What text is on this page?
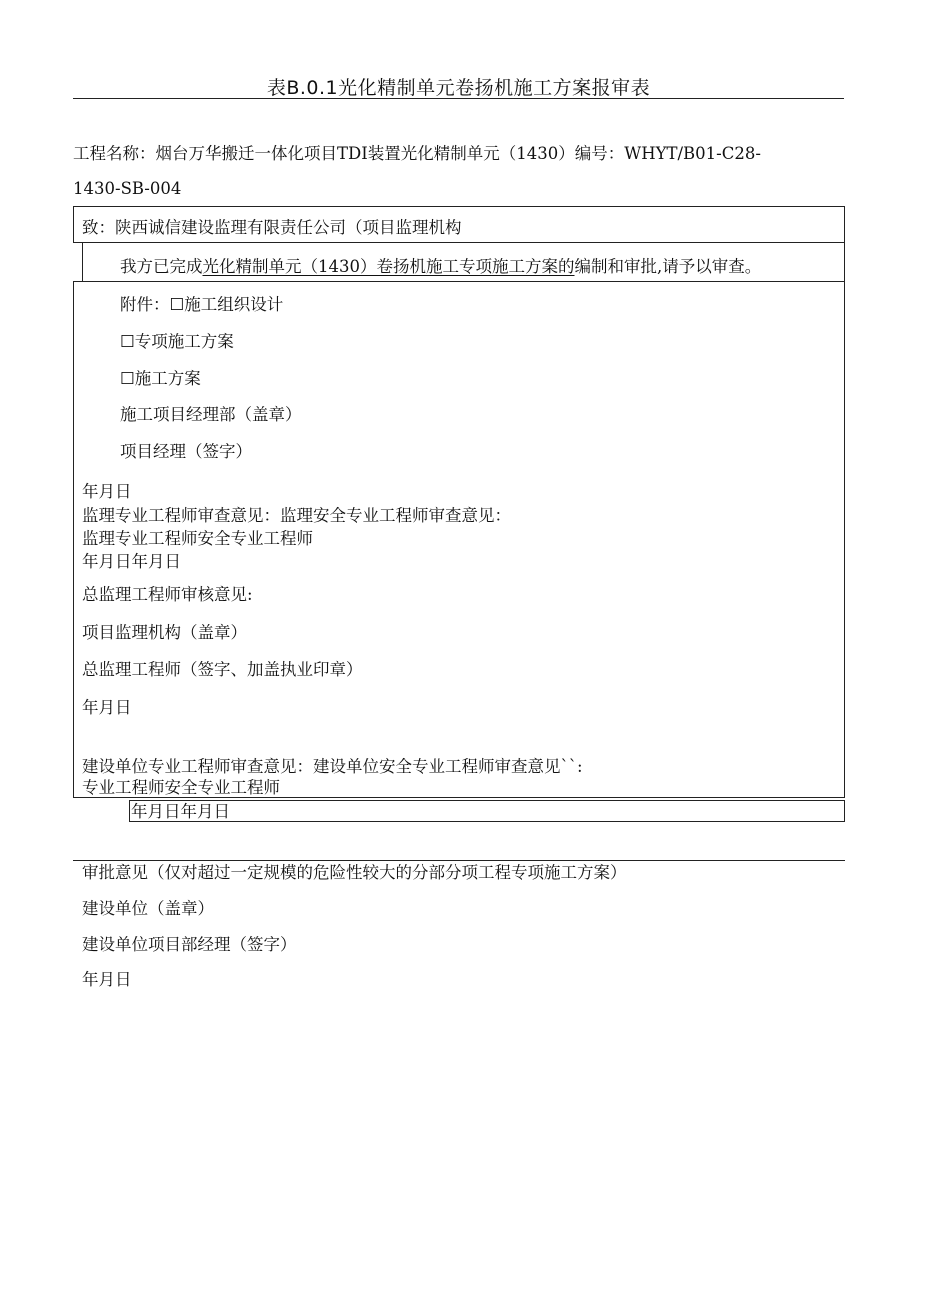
表B.0.1光化精制单元卷扬机施工方案报审表
工程名称：烟台万华搬迁一体化项目TDI装置光化精制单元（1430）编号：WHYT/B01-C28-
1430-SB-004
致：陕西诚信建设监理有限责任公司（项目监理机构
我方已完成光化精制单元（1430）卷扬机施工专项施工方案的编制和审批,请予以审查。
附件：☐施工组织设计
☐专项施工方案
☐施工方案
施工项目经理部（盖章）
项目经理（签字）
年月日
监理专业工程师审查意见：监理安全专业工程师审查意见：
监理专业工程师安全专业工程师
年月日年月日
总监理工程师审核意见:
项目监理机构（盖章）
总监理工程师（签字、加盖执业印章）
年月日
建设单位专业工程师审查意见：建设单位安全专业工程师审查意见``:
专业工程师安全专业工程师
年月日年月日
审批意见（仅对超过一定规模的危险性较大的分部分项工程专项施工方案）
建设单位（盖章）
建设单位项目部经理（签字）
年月日
